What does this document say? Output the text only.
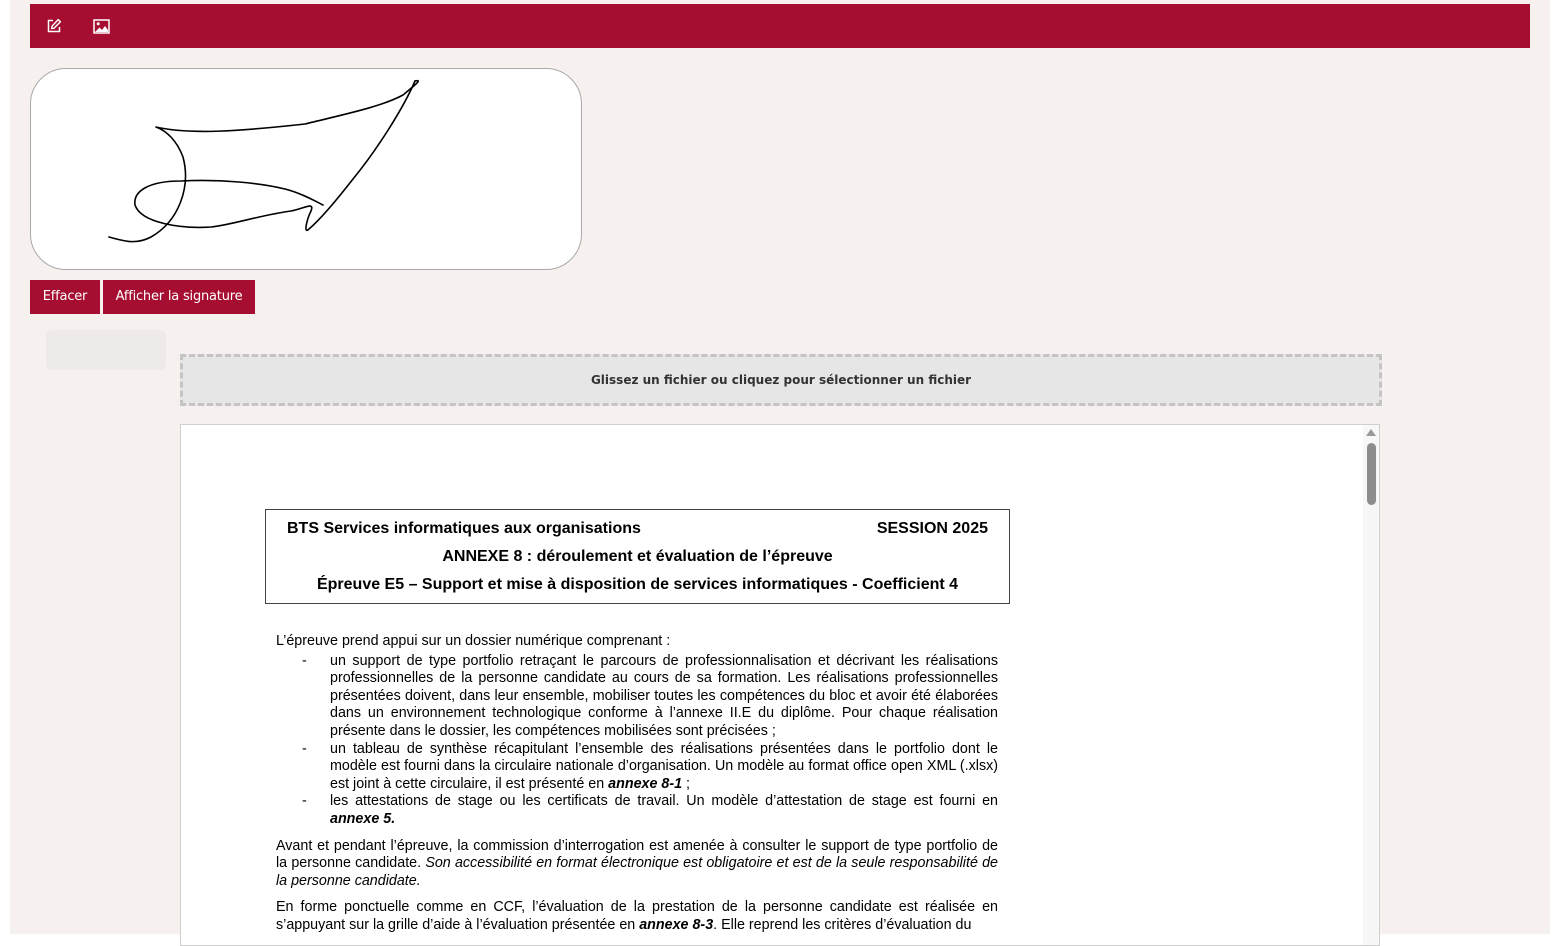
Effacer	Afficher la signature
Glissez un fichier ou cliquez pour sélectionner un fichier
BTS Services informatiques aux organisations	SESSION 2025
ANNEXE 8 : déroulement et évaluation de l’épreuve
Épreuve E5 – Support et mise à disposition de services informatiques - Coefficient 4

L’épreuve prend appui sur un dossier numérique comprenant :

- un support de type portfolio retraçant le parcours de professionnalisation et décrivant les réalisations professionnelles de la personne candidate au cours de sa formation. Les réalisations professionnelles présentées doivent, dans leur ensemble, mobiliser toutes les compétences du bloc et avoir été élaborées dans un environnement technologique conforme à l’annexe II.E du diplôme. Pour chaque réalisation présente dans le dossier, les compétences mobilisées sont précisées ;
- un tableau de synthèse récapitulant l’ensemble des réalisations présentées dans le portfolio dont le modèle est fourni dans la circulaire nationale d’organisation. Un modèle au format office open XML (.xlsx) est joint à cette circulaire, il est présenté en annexe 8-1 ;
- les attestations de stage ou les certificats de travail. Un modèle d’attestation de stage est fourni en annexe 5.

Avant et pendant l’épreuve, la commission d’interrogation est amenée à consulter le support de type portfolio de la personne candidate. Son accessibilité en format électronique est obligatoire et est de la seule responsabilité de la personne candidate.

En forme ponctuelle comme en CCF, l’évaluation de la prestation de la personne candidate est réalisée en s’appuyant sur la grille d’aide à l’évaluation présentée en annexe 8-3. Elle reprend les critères d’évaluation du
